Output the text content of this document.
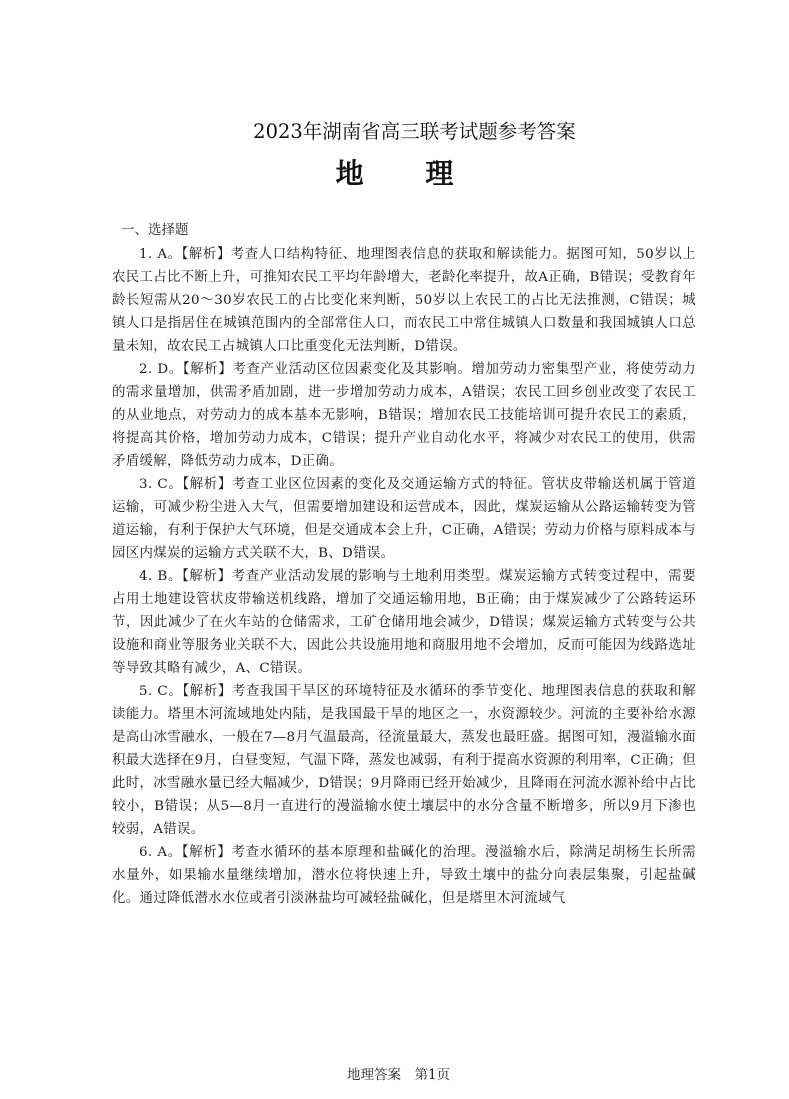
2023年湖南省高三联考试题参考答案
地 理
一、选择题

1. A。【解析】考查人口结构特征、地理图表信息的获取和解读能力。据图可知，50岁以上农民工占比不断上升，可推知农民工平均年龄增大，老龄化率提升，故A正确，B错误；受教育年龄长短需从20～30岁农民工的占比变化来判断，50岁以上农民工的占比无法推测，C错误；城镇人口是指居住在城镇范围内的全部常住人口，而农民工中常住城镇人口数量和我国城镇人口总量未知，故农民工占城镇人口比重变化无法判断，D错误。

2. D。【解析】考查产业活动区位因素变化及其影响。增加劳动力密集型产业，将使劳动力的需求量增加，供需矛盾加剧，进一步增加劳动力成本，A错误；农民工回乡创业改变了农民工的从业地点，对劳动力的成本基本无影响，B错误；增加农民工技能培训可提升农民工的素质，将提高其价格，增加劳动力成本，C错误；提升产业自动化水平，将减少对农民工的使用，供需矛盾缓解，降低劳动力成本，D正确。

3. C。【解析】考查工业区位因素的变化及交通运输方式的特征。管状皮带输送机属于管道运输，可减少粉尘进入大气，但需要增加建设和运营成本，因此，煤炭运输从公路运输转变为管道运输，有利于保护大气环境，但是交通成本会上升，C正确，A错误；劳动力价格与原料成本与园区内煤炭的运输方式关联不大，B、D错误。

4. B。【解析】考查产业活动发展的影响与土地利用类型。煤炭运输方式转变过程中，需要占用土地建设管状皮带输送机线路，增加了交通运输用地，B正确；由于煤炭减少了公路转运环节，因此减少了在火车站的仓储需求，工矿仓储用地会减少，D错误；煤炭运输方式转变与公共设施和商业等服务业关联不大，因此公共设施用地和商服用地不会增加，反而可能因为线路选址等导致其略有减少，A、C错误。

5. C。【解析】考查我国干旱区的环境特征及水循环的季节变化、地理图表信息的获取和解读能力。塔里木河流域地处内陆，是我国最干旱的地区之一，水资源较少。河流的主要补给水源是高山冰雪融水，一般在7—8月气温最高，径流量最大，蒸发也最旺盛。据图可知，漫溢输水面积最大选择在9月，白昼变短，气温下降，蒸发也减弱，有利于提高水资源的利用率，C正确；但此时，冰雪融水量已经大幅减少，D错误；9月降雨已经开始减少，且降雨在河流水源补给中占比较小，B错误；从5—8月一直进行的漫溢输水使土壤层中的水分含量不断增多，所以9月下渗也较弱，A错误。

6. A。【解析】考查水循环的基本原理和盐碱化的治理。漫溢输水后，除满足胡杨生长所需水量外，如果输水量继续增加，潜水位将快速上升，导致土壤中的盐分向表层集聚，引起盐碱化。通过降低潜水水位或者引淡淋盐均可减轻盐碱化，但是塔里木河流域气

地理答案　第1页
